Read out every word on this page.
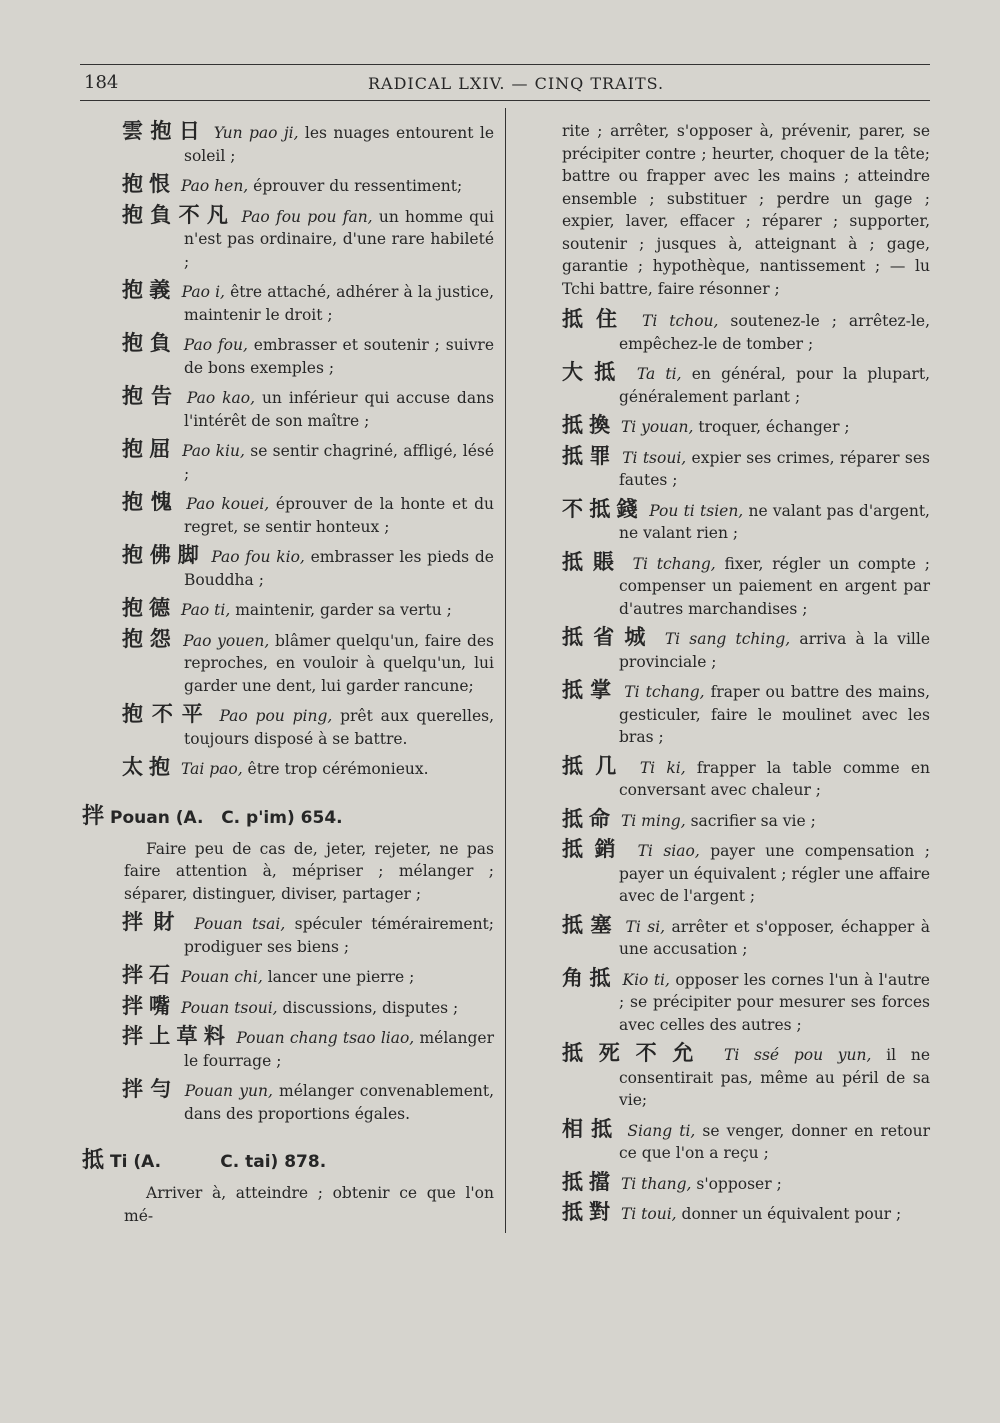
184	RADICAL LXIV. — CINQ TRAITS.
雲抱日 Yun pao ji, les nuages entourent le soleil ;
抱恨 Pao hen, éprouver du ressentiment;
抱負不凡 Pao fou pou fan, un homme qui n'est pas ordinaire, d'une rare habileté ;
抱義 Pao i, être attaché, adhérer à la justice, maintenir le droit ;
抱負 Pao fou, embrasser et soutenir ; suivre de bons exemples ;
抱告 Pao kao, un inférieur qui accuse dans l'intérêt de son maître ;
抱屈 Pao kiu, se sentir chagriné, affligé, lésé ;
抱愧 Pao kouei, éprouver de la honte et du regret, se sentir honteux ;
抱佛脚 Pao fou kio, embrasser les pieds de Bouddha ;
抱德 Pao ti, maintenir, garder sa vertu ;
抱怨 Pao youen, blâmer quelqu'un, faire des reproches, en vouloir à quelqu'un, lui garder une dent, lui garder rancune;
抱不平 Pao pou ping, prêt aux querelles, toujours disposé à se battre.
太抱 Tai pao, être trop cérémonieux.
拌 Pouan (A.   C. p'im) 654.
Faire peu de cas de, jeter, rejeter, ne pas faire attention à, mépriser ; mélanger ; séparer, distinguer, diviser, partager ;
拌財 Pouan tsai, spéculer témérairement; prodiguer ses biens ;
拌石 Pouan chi, lancer une pierre ;
拌嘴 Pouan tsoui, discussions, disputes ;
拌上草料 Pouan chang tsao liao, mélanger le fourrage ;
拌勻 Pouan yun, mélanger convenablement, dans des proportions égales.
抵 Ti (A.          C. tai) 878.
Arriver à, atteindre ; obtenir ce que l'on mé-
rite ; arrêter, s'opposer à, prévenir, parer, se précipiter contre ; heurter, choquer de la tête; battre ou frapper avec les mains ; atteindre ensemble ; substituer ; perdre un gage ; expier, laver, effacer ; réparer ; supporter, soutenir ; jusques à, atteignant à ; gage, garantie ; hypothèque, nantissement ; — lu Tchi battre, faire résonner ;
抵住 Ti tchou, soutenez-le ; arrêtez-le, empêchez-le de tomber ;
大抵 Ta ti, en général, pour la plupart, généralement parlant ;
抵換 Ti youan, troquer, échanger ;
抵罪 Ti tsoui, expier ses crimes, réparer ses fautes ;
不抵錢 Pou ti tsien, ne valant pas d'argent, ne valant rien ;
抵賬 Ti tchang, fixer, régler un compte ; compenser un paiement en argent par d'autres marchandises ;
抵省城 Ti sang tching, arriva à la ville provinciale ;
抵掌 Ti tchang, fraper ou battre des mains, gesticuler, faire le moulinet avec les bras ;
抵几 Ti ki, frapper la table comme en conversant avec chaleur ;
抵命 Ti ming, sacrifier sa vie ;
抵銷 Ti siao, payer une compensation ; payer un équivalent ; régler une affaire avec de l'argent ;
抵塞 Ti si, arrêter et s'opposer, échapper à une accusation ;
角抵 Kio ti, opposer les cornes l'un à l'autre ; se précipiter pour mesurer ses forces avec celles des autres ;
抵死不允 Ti ssé pou yun, il ne consentirait pas, même au péril de sa vie;
相抵 Siang ti, se venger, donner en retour ce que l'on a reçu ;
抵擋 Ti thang, s'opposer ;
抵對 Ti toui, donner un équivalent pour ;
